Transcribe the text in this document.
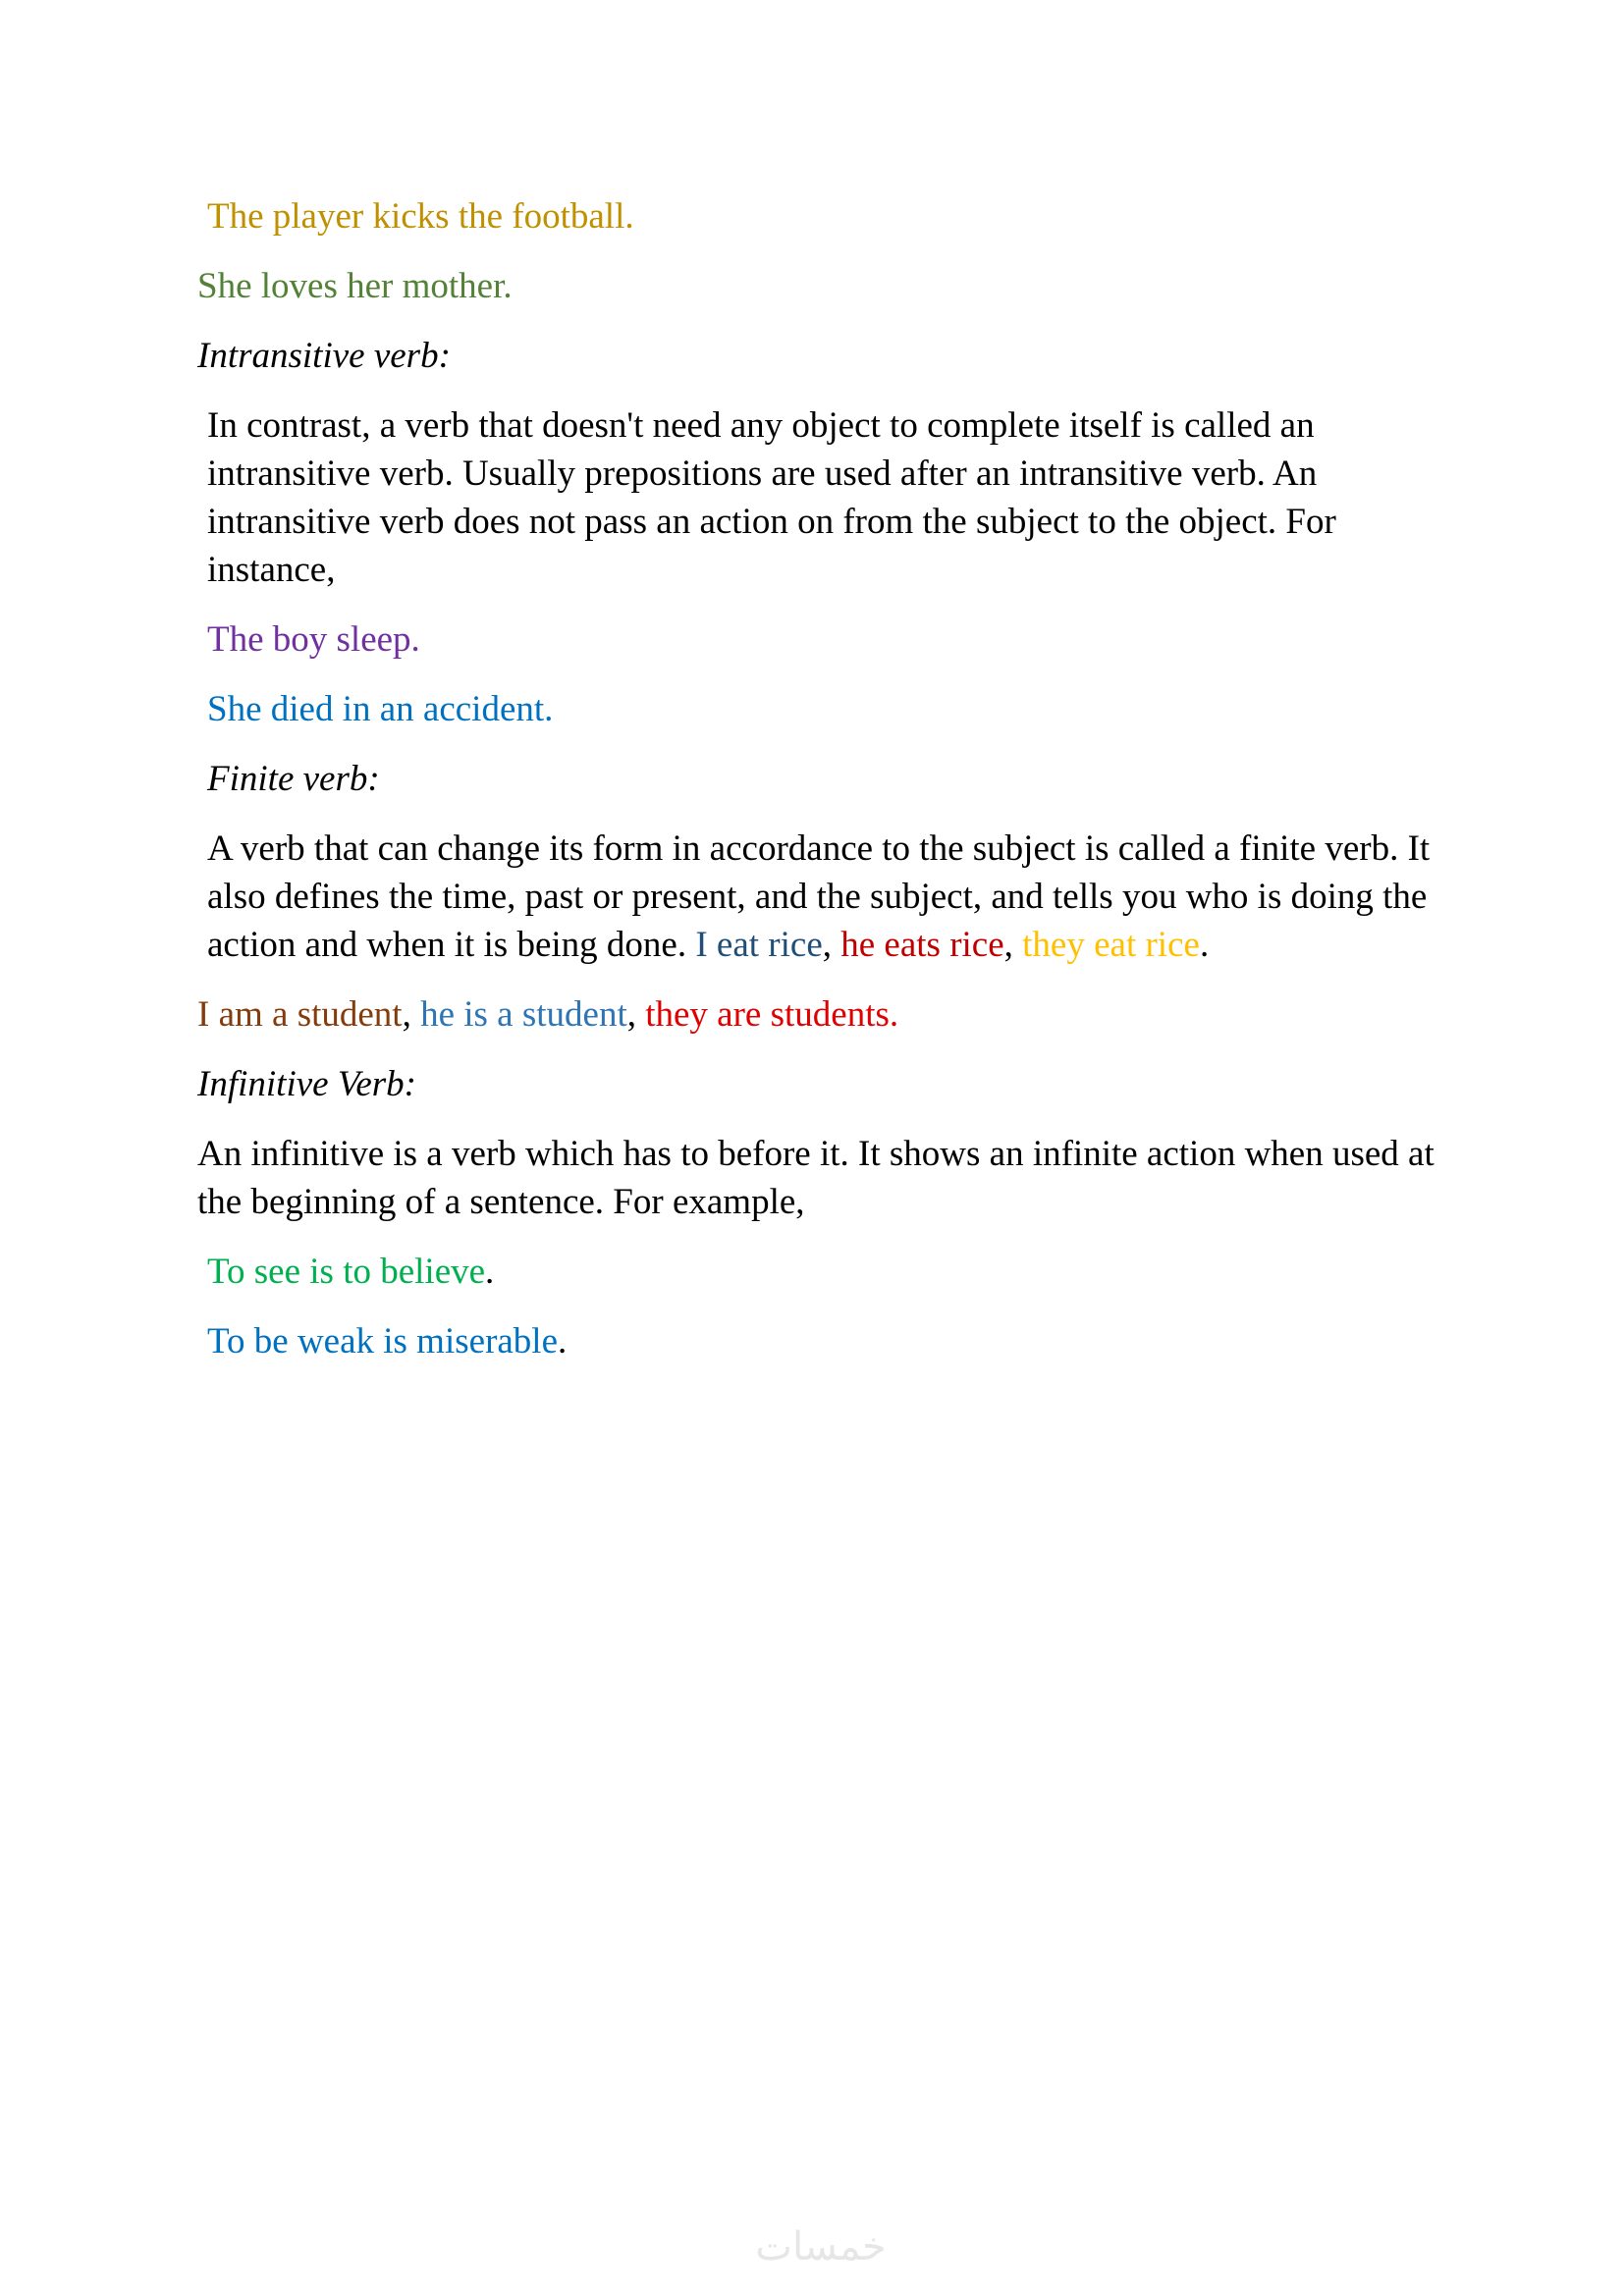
The player kicks the football.

She loves her mother.

Intransitive verb:

In contrast, a verb that doesn't need any object to complete itself is called an intransitive verb. Usually prepositions are used after an intransitive verb. An intransitive verb does not pass an action on from the subject to the object. For instance,

The boy sleep.

She died in an accident.

Finite verb:

A verb that can change its form in accordance to the subject is called a finite verb. It also defines the time, past or present, and the subject, and tells you who is doing the action and when it is being done. I eat rice, he eats rice, they eat rice.

I am a student, he is a student, they are students.

Infinitive Verb:

An infinitive is a verb which has to before it. It shows an infinite action when used at the beginning of a sentence. For example,

To see is to believe.

To be weak is miserable.

خمسات
